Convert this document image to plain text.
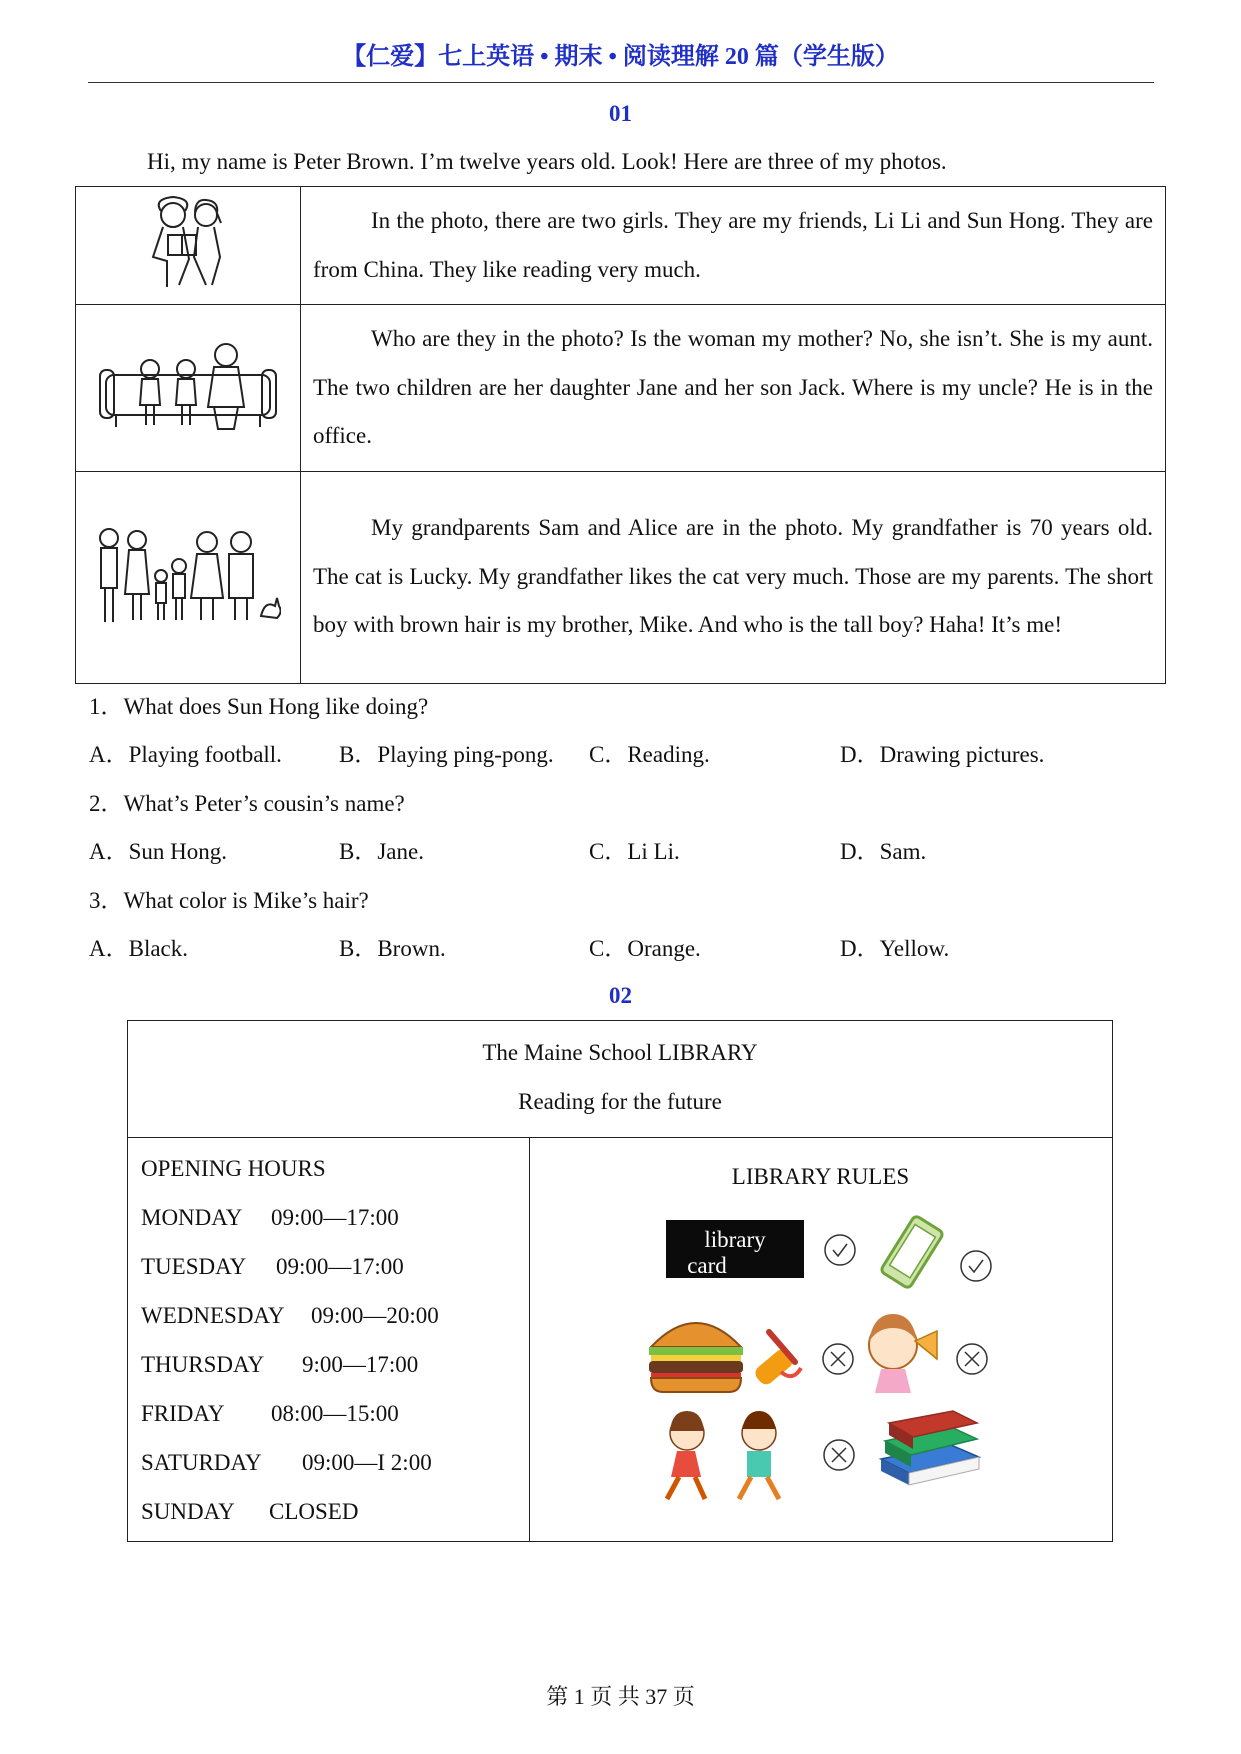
【仁爱】七上英语 • 期末 • 阅读理解 20 篇（学生版）
01
Hi, my name is Peter Brown. I’m twelve years old. Look! Here are three of my photos.
	In the photo, there are two girls. They are my friends, Li Li and Sun Hong. They are from China. They like reading very much.
	Who are they in the photo? Is the woman my mother? No, she isn’t. She is my aunt. The two children are her daughter Jane and her son Jack. Where is my uncle? He is in the office.
	My grandparents Sam and Alice are in the photo. My grandfather is 70 years old. The cat is Lucky. My grandfather likes the cat very much. Those are my parents. The short boy with brown hair is my brother, Mike. And who is the tall boy? Haha! It’s me!
1．What does Sun Hong like doing?
A．Playing football. B．Playing ping-pong. C．Reading.	D．Drawing pictures.
2．What’s Peter’s cousin’s name?
A．Sun Hong.	B．Jane.	C．Li Li.	D．Sam.
3．What color is Mike’s hair?
A．Black.	B．Brown.	C．Orange.	D．Yellow.
02
The Maine School LIBRARY
Reading for the future
OPENING HOURS
MONDAY 09:00—17:00
TUESDAY 09:00—17:00
WEDNESDAY 09:00—20:00
THURSDAY 9:00—17:00
FRIDAY 08:00—15:00
SATURDAY 09:00—I 2:00
SUNDAY CLOSED
LIBRARY RULES
library
card
第 1 页 共 37 页
